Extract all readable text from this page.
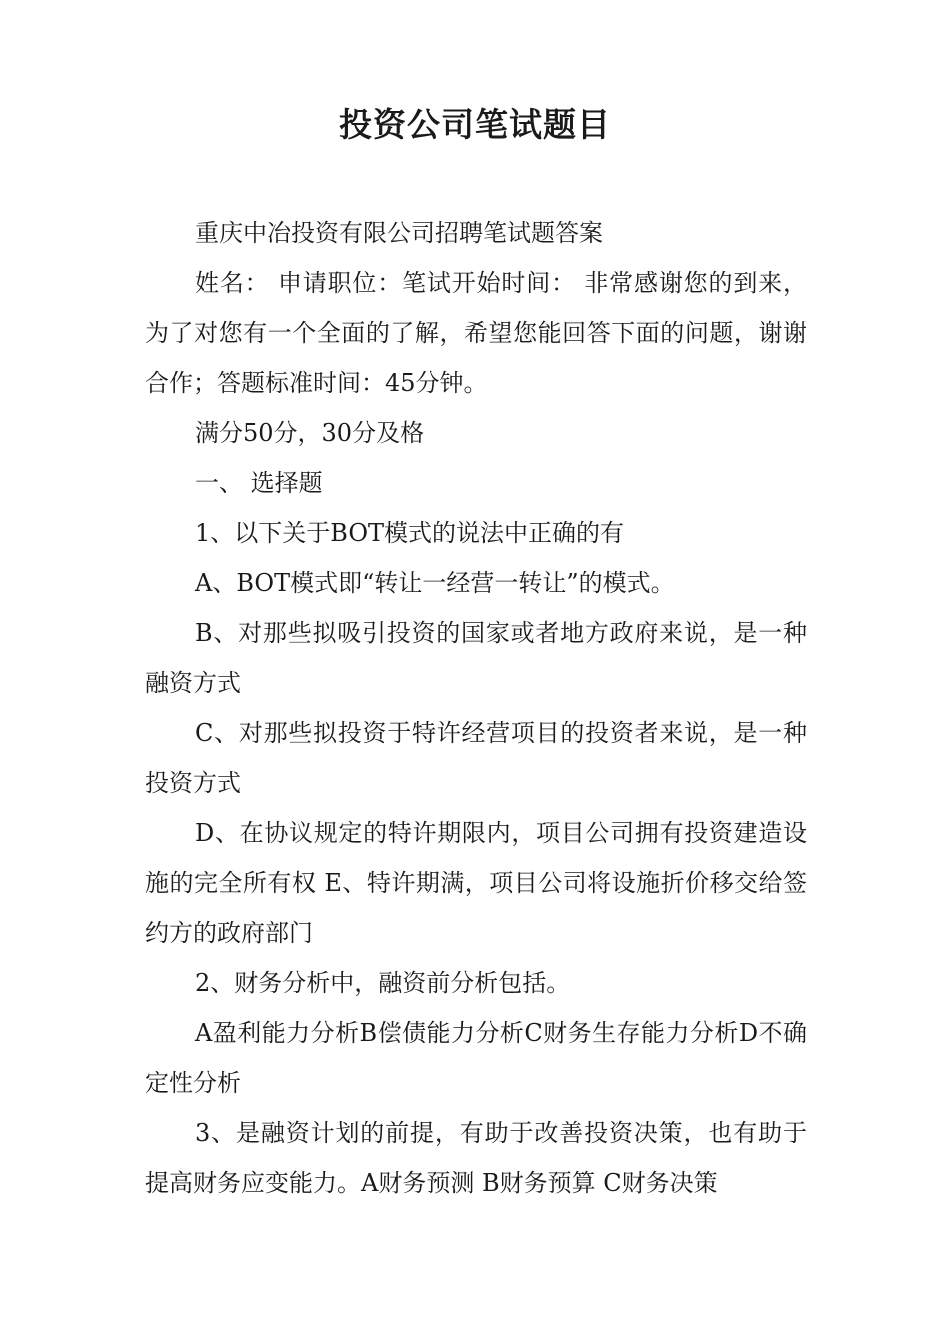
投资公司笔试题目

重庆中冶投资有限公司招聘笔试题答案

姓名： 申请职位：笔试开始时间： 非常感谢您的到来，为了对您有一个全面的了解，希望您能回答下面的问题，谢谢合作；答题标准时间：45分钟。

满分50分，30分及格

一、 选择题

1、以下关于BOT模式的说法中正确的有

A、BOT模式即“转让一经营一转让”的模式。

B、对那些拟吸引投资的国家或者地方政府来说，是一种融资方式

C、对那些拟投资于特许经营项目的投资者来说，是一种投资方式

D、在协议规定的特许期限内，项目公司拥有投资建造设施的完全所有权 E、特许期满，项目公司将设施折价移交给签约方的政府部门

2、财务分析中，融资前分析包括。

A盈利能力分析B偿债能力分析C财务生存能力分析D不确定性分析

3、是融资计划的前提，有助于改善投资决策，也有助于提高财务应变能力。A财务预测 B财务预算 C财务决策
